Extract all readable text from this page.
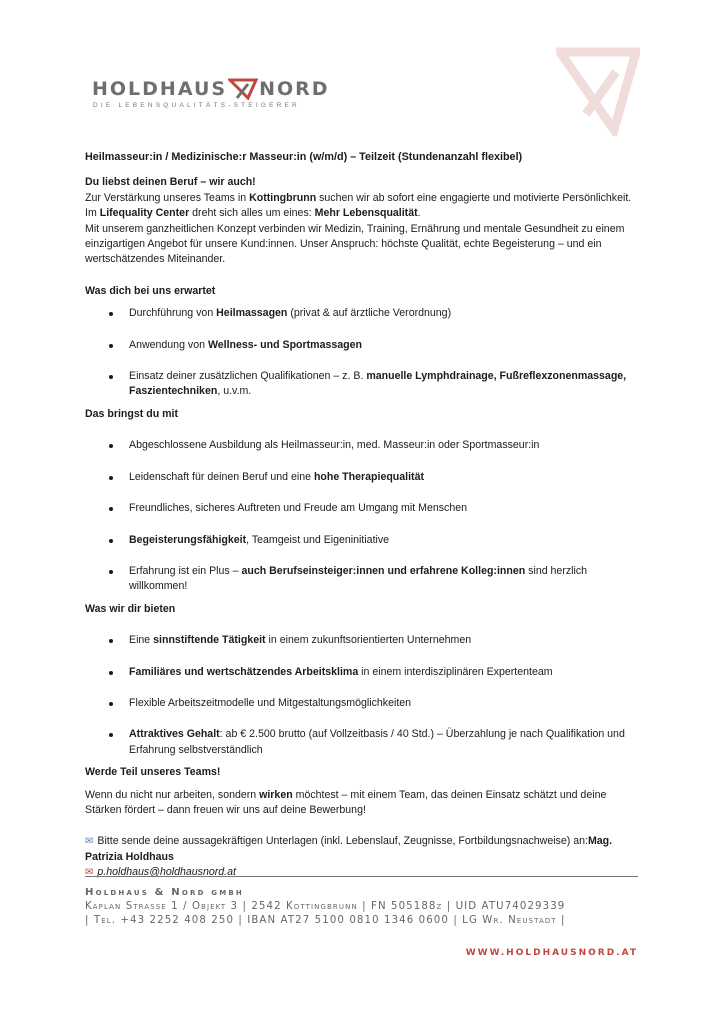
HOLDHAUS NORD
DIE LEBENSQUALITÄTS-STEIGERER

Heilmasseur:in / Medizinische:r Masseur:in (w/m/d) – Teilzeit (Stundenanzahl flexibel)

Du liebst deinen Beruf – wir auch!

Zur Verstärkung unseres Teams in Kottingbrunn suchen wir ab sofort eine engagierte und motivierte Persönlichkeit.

Im Lifequality Center dreht sich alles um eines: Mehr Lebensqualität.

Mit unserem ganzheitlichen Konzept verbinden wir Medizin, Training, Ernährung und mentale Gesundheit zu einem einzigartigen Angebot für unsere Kund:innen. Unser Anspruch: höchste Qualität, echte Begeisterung – und ein wertschätzendes Miteinander.

Was dich bei uns erwartet

Durchführung von Heilmassagen (privat & auf ärztliche Verordnung)
Anwendung von Wellness- und Sportmassagen
Einsatz deiner zusätzlichen Qualifikationen – z. B. manuelle Lymphdrainage, Fußreflexzonenmassage, Faszientechniken, u.v.m.

Das bringst du mit

Abgeschlossene Ausbildung als Heilmasseur:in, med. Masseur:in oder Sportmasseur:in
Leidenschaft für deinen Beruf und eine hohe Therapiequalität
Freundliches, sicheres Auftreten und Freude am Umgang mit Menschen
Begeisterungsfähigkeit, Teamgeist und Eigeninitiative
Erfahrung ist ein Plus – auch Berufseinsteiger:innen und erfahrene Kolleg:innen sind herzlich willkommen!

Was wir dir bieten

Eine sinnstiftende Tätigkeit in einem zukunftsorientierten Unternehmen
Familiäres und wertschätzendes Arbeitsklima in einem interdisziplinären Expertenteam
Flexible Arbeitszeitmodelle und Mitgestaltungsmöglichkeiten
Attraktives Gehalt: ab € 2.500 brutto (auf Vollzeitbasis / 40 Std.) – Überzahlung je nach Qualifikation und Erfahrung selbstverständlich

Werde Teil unseres Teams!

Wenn du nicht nur arbeiten, sondern wirken möchtest – mit einem Team, das deinen Einsatz schätzt und deine Stärken fördert – dann freuen wir uns auf deine Bewerbung!

✉ Bitte sende deine aussagekräftigen Unterlagen (inkl. Lebenslauf, Zeugnisse, Fortbildungsnachweise) an:Mag. Patrizia Holdhaus

✉ p.holdhaus@holdhausnord.at

Holdhaus & Nord gmbh
Kaplan Strasse 1 / Objekt 3 | 2542 Kottingbrunn | FN 505188z | UID ATU74029339
| Tel. +43 2252 408 250 | IBAN AT27 5100 0810 1346 0600 | LG Wr. Neustadt |
WWW.HOLDHAUSNORD.AT
